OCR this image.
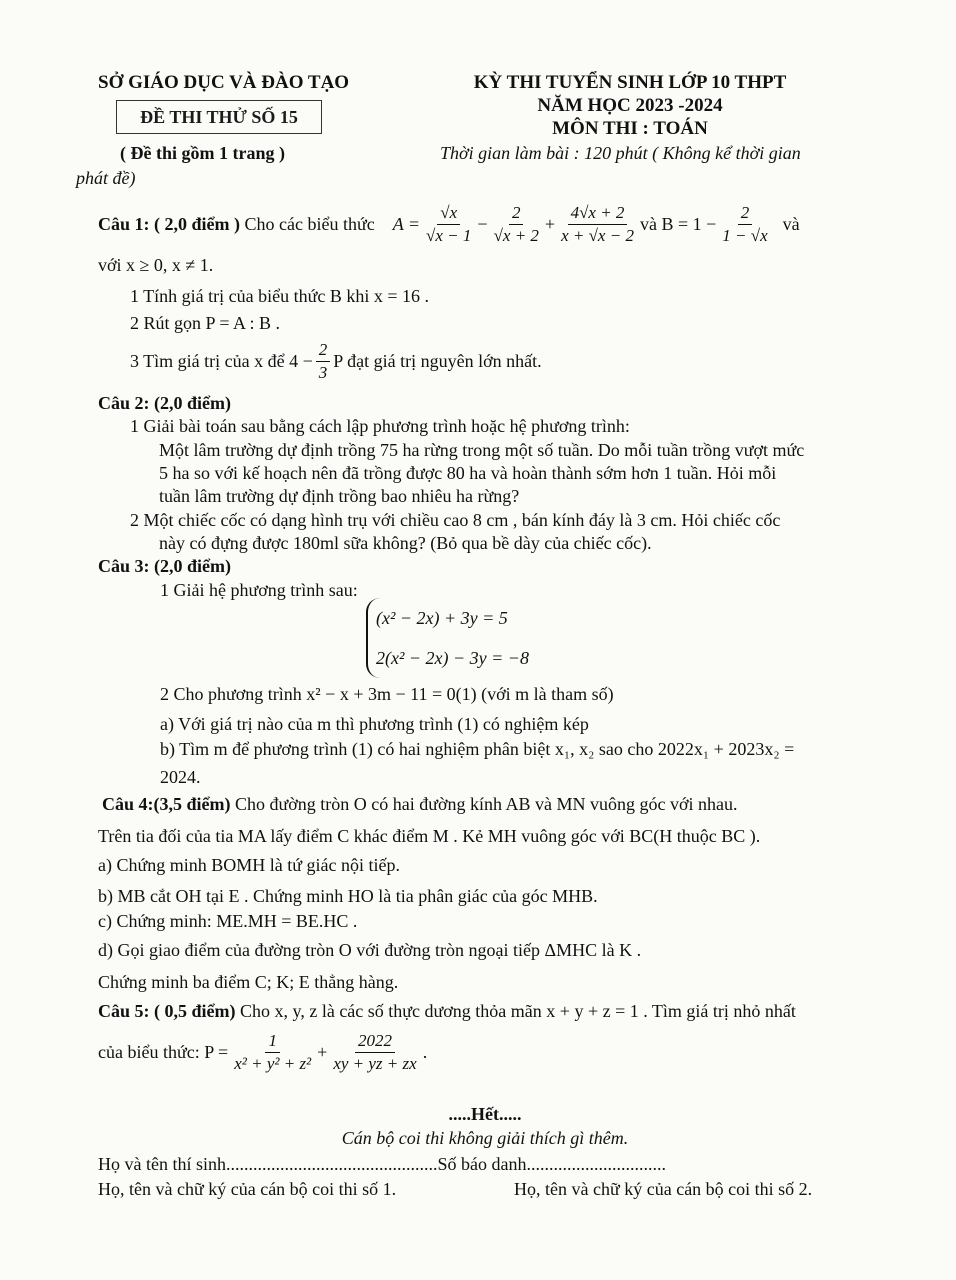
SỞ GIÁO DỤC VÀ ĐÀO TẠO
ĐỀ THI THỬ SỐ 15
( Đề thi gồm 1 trang )
KỲ THI TUYỂN SINH LỚP 10 THPT
NĂM HỌC 2023 -2024
MÔN THI : TOÁN
Thời gian làm bài : 120 phút ( Không kể thời gian
phát đề)
Câu 1: ( 2,0 điểm )
Cho các biểu thức
$A = \frac{√x}{√x - 1} - \frac{2}{√x + 2} + \frac{4√x + 2}{x + √x - 2}$ và $B = 1 - \frac{2}{1 - √x}$
và
với x ≥ 0, x ≠ 1.
1 Tính giá trị của biểu thức B khi x = 16 .
2 Rút gọn P = A : B .
3 Tìm giá trị của x để $4 - \frac{2}{3}$ P đạt giá trị nguyên lớn nhất.
Câu 2: (2,0 điểm)
1 Giải bài toán sau bằng cách lập phương trình hoặc hệ phương trình:
Một lâm trường dự định trồng 75 ha rừng trong một số tuần. Do mỗi tuần trồng vượt mức
5 ha so với kế hoạch nên đã trồng được 80 ha và hoàn thành sớm hơn 1 tuần. Hỏi mỗi
tuần lâm trường dự định trồng bao nhiêu ha rừng?
2 Một chiếc cốc có dạng hình trụ với chiều cao 8 cm , bán kính đáy là 3 cm. Hỏi chiếc cốc
này có đựng được 180ml sữa không? (Bỏ qua bề dày của chiếc cốc).
Câu 3: (2,0 điểm)
1 Giải hệ phương trình sau:
(x² − 2x) + 3y = 5
2(x² − 2x) − 3y = −8
2 Cho phương trình x² − x + 3m − 11 = 0(1) (với m là tham số)
a) Với giá trị nào của m thì phương trình (1) có nghiệm kép
b) Tìm m để phương trình (1) có hai nghiệm phân biệt x₁, x₂ sao cho 2022x₁ + 2023x₂ =
2024.
Câu 4:(3,5 điểm) Cho đường tròn O có hai đường kính AB và MN vuông góc với nhau.
Trên tia đối của tia MA lấy điểm C khác điểm M . Kẻ MH vuông góc với BC(H thuộc BC ).
a) Chứng minh BOMH là tứ giác nội tiếp.
b) MB cắt OH tại E . Chứng minh HO là tia phân giác của góc MHB.
c) Chứng minh: ME.MH = BE.HC .
d) Gọi giao điểm của đường tròn O với đường tròn ngoại tiếp ΔMHC là K .
Chứng minh ba điểm C; K; E thẳng hàng.
Câu 5: ( 0,5 điểm) Cho x, y, z là các số thực dương thỏa mãn x + y + z = 1 . Tìm giá trị nhỏ nhất
của biểu thức: $P = \frac{1}{\text{x² + y² + z²}} + \frac{2022}{xy + yz + zx}$ .
.....Hết.....
Cán bộ coi thi không giải thích gì thêm.
Họ và tên thí sinh...............................................Số báo danh...............................
Họ, tên và chữ ký của cán bộ coi thi số 1.	Họ, tên và chữ ký của cán bộ coi thi số 2.
